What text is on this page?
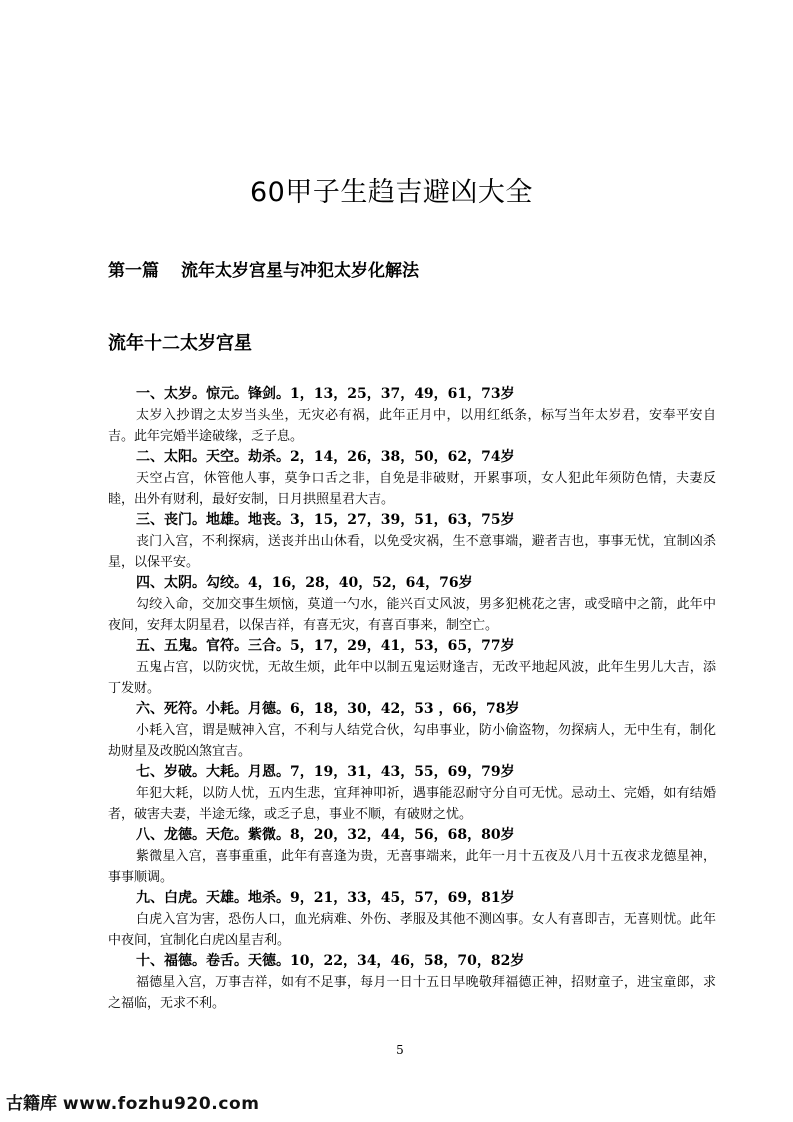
60甲子生趋吉避凶大全
第一篇 流年太岁宫星与冲犯太岁化解法
流年十二太岁宫星
一、太岁。惊元。锋剑。1，13，25，37，49，61，73岁
太岁入抄谓之太岁当头坐，无灾必有祸，此年正月中，以用红纸条，标写当年太岁君，安奉平安自吉。此年完婚半途破缘，乏子息。
二、太阳。天空。劫杀。2，14，26，38，50，62，74岁
天空占宫，休管他人事，莫争口舌之非，自免是非破财，开累事项，女人犯此年须防色情，夫妻反睦，出外有财利，最好安制，日月拱照星君大吉。
三、丧门。地雄。地丧。3，15，27，39，51，63，75岁
丧门入宫，不利探病，送丧并出山休看，以免受灾祸，生不意事端，避者吉也，事事无忧，宜制凶杀星，以保平安。
四、太阴。勾绞。4，16，28，40，52，64，76岁
勾绞入命，交加交事生烦恼，莫道一勺水，能兴百丈风波，男多犯桃花之害，或受暗中之箭，此年中夜间，安拜太阴星君，以保吉祥，有喜无灾，有喜百事来，制空亡。
五、五鬼。官符。三合。5，17，29，41，53，65，77岁
五鬼占宫，以防灾忧，无故生烦，此年中以制五鬼运财逢吉，无改平地起风波，此年生男儿大吉，添丁发财。
六、死符。小耗。月德。6，18，30，42，53 ，66，78岁
小耗入宫，谓是贼神入宫，不利与人结党合伙，勾串事业，防小偷盗物，勿探病人，无中生有，制化劫财星及改脱凶煞宜吉。
七、岁破。大耗。月恩。7，19，31，43，55，69，79岁
年犯大耗，以防人忧，五内生悲，宜拜神叩祈，遇事能忍耐守分自可无忧。忌动土、完婚，如有结婚者，破害夫妻，半途无缘，或乏子息，事业不顺，有破财之忧。
八、龙德。天危。紫微。8，20，32，44，56，68，80岁
紫微星入宫，喜事重重，此年有喜逢为贵，无喜事端来，此年一月十五夜及八月十五夜求龙德星神，事事顺调。
九、白虎。天雄。地杀。9，21，33，45，57，69，81岁
白虎入宫为害，恐伤人口，血光病难、外伤、孝服及其他不测凶事。女人有喜即吉，无喜则忧。此年中夜间，宜制化白虎凶星吉利。
十、福德。卷舌。天德。10，22，34，46，58，70，82岁
福德星入宫，万事吉祥，如有不足事，每月一日十五日早晚敬拜福德正神，招财童子，进宝童郎，求之福临，无求不利。
5
古籍库 www.fozhu920.com
